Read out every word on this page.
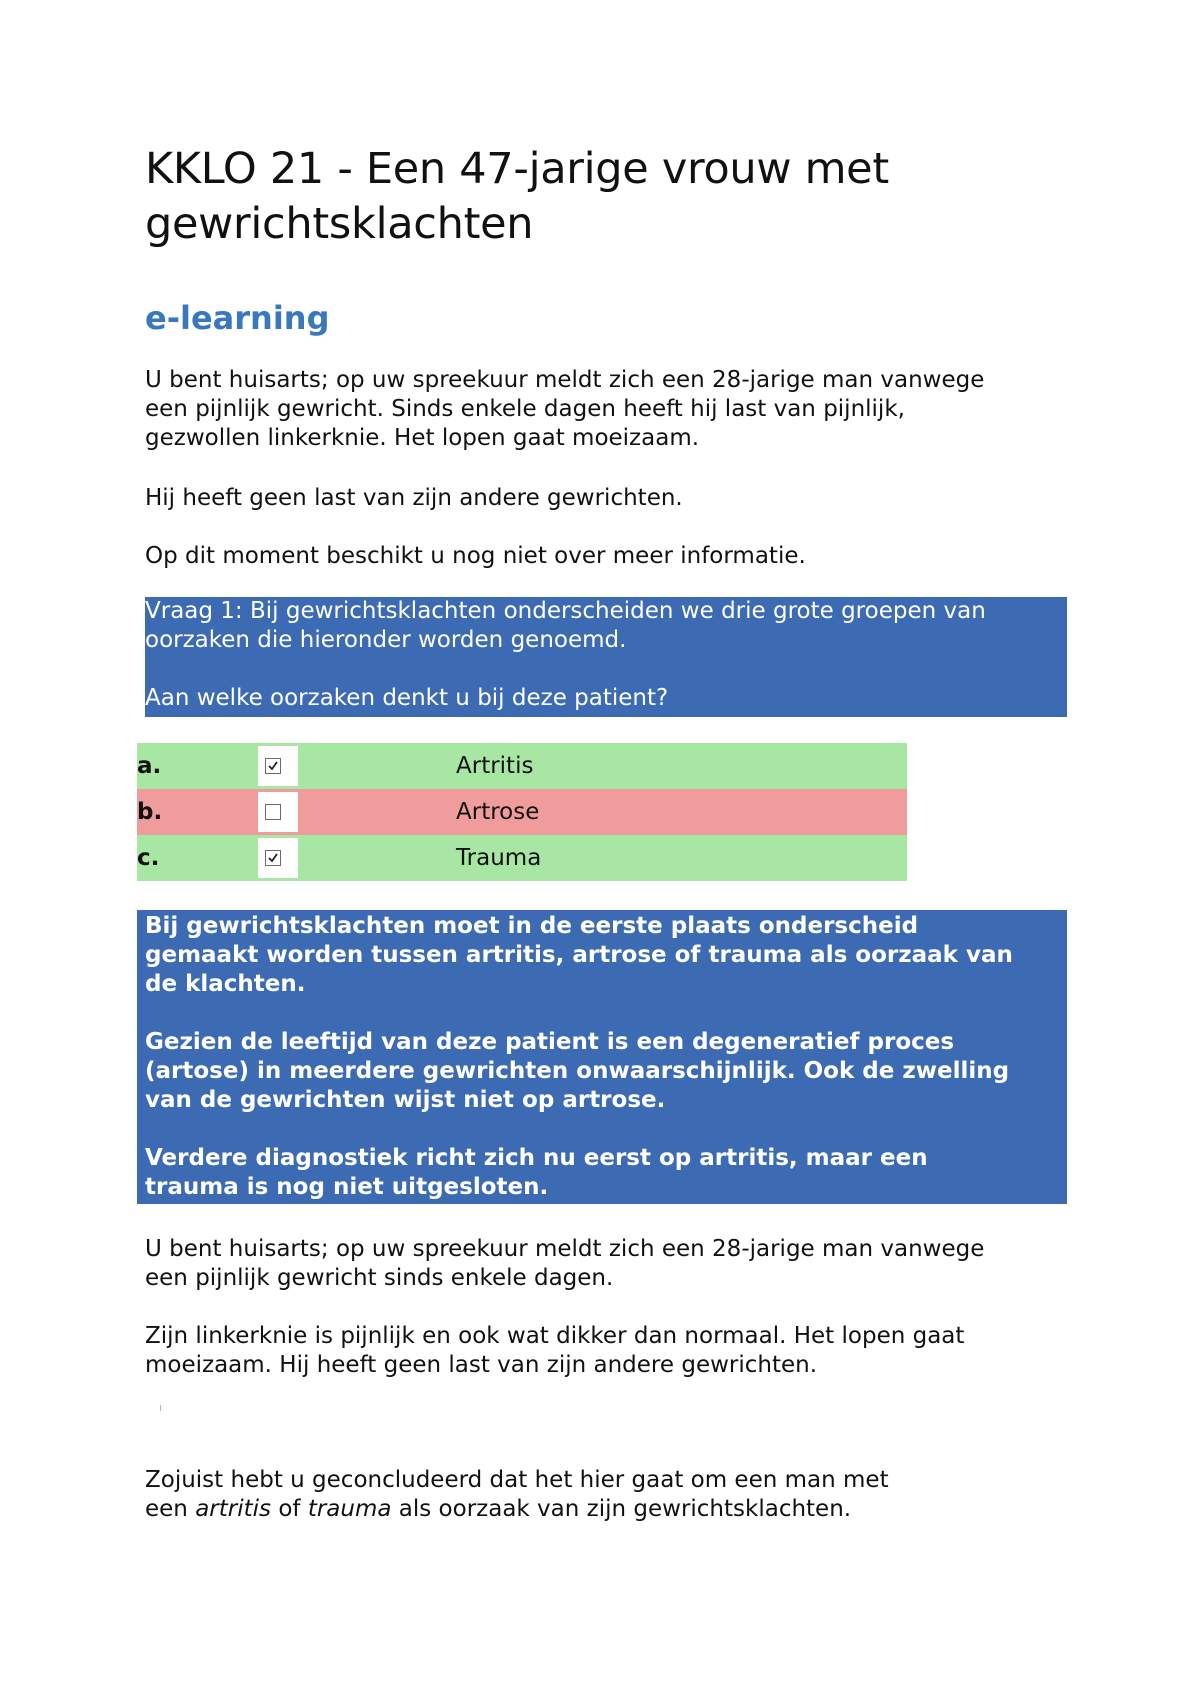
KKLO 21 - Een 47-jarige vrouw met
gewrichtsklachten
e-learning

U bent huisarts; op uw spreekuur meldt zich een 28-jarige man vanwege
een pijnlijk gewricht. Sinds enkele dagen heeft hij last van pijnlijk,
gezwollen linkerknie. Het lopen gaat moeizaam.

Hij heeft geen last van zijn andere gewrichten.

Op dit moment beschikt u nog niet over meer informatie.

Vraag 1: Bij gewrichtsklachten onderscheiden we drie grote groepen van
oorzaken die hieronder worden genoemd.
Aan welke oorzaken denkt u bij deze patient?
a.	Artritis
b.	Artrose
c.	Trauma
Bij gewrichtsklachten moet in de eerste plaats onderscheid
gemaakt worden tussen artritis, artrose of trauma als oorzaak van
de klachten.
Gezien de leeftijd van deze patient is een degeneratief proces
(artose) in meerdere gewrichten onwaarschijnlijk. Ook de zwelling
van de gewrichten wijst niet op artrose.
Verdere diagnostiek richt zich nu eerst op artritis, maar een
trauma is nog niet uitgesloten.

U bent huisarts; op uw spreekuur meldt zich een 28-jarige man vanwege
een pijnlijk gewricht sinds enkele dagen.

Zijn linkerknie is pijnlijk en ook wat dikker dan normaal. Het lopen gaat
moeizaam. Hij heeft geen last van zijn andere gewrichten.

Zojuist hebt u geconcludeerd dat het hier gaat om een man met
een artritis of trauma als oorzaak van zijn gewrichtsklachten.
